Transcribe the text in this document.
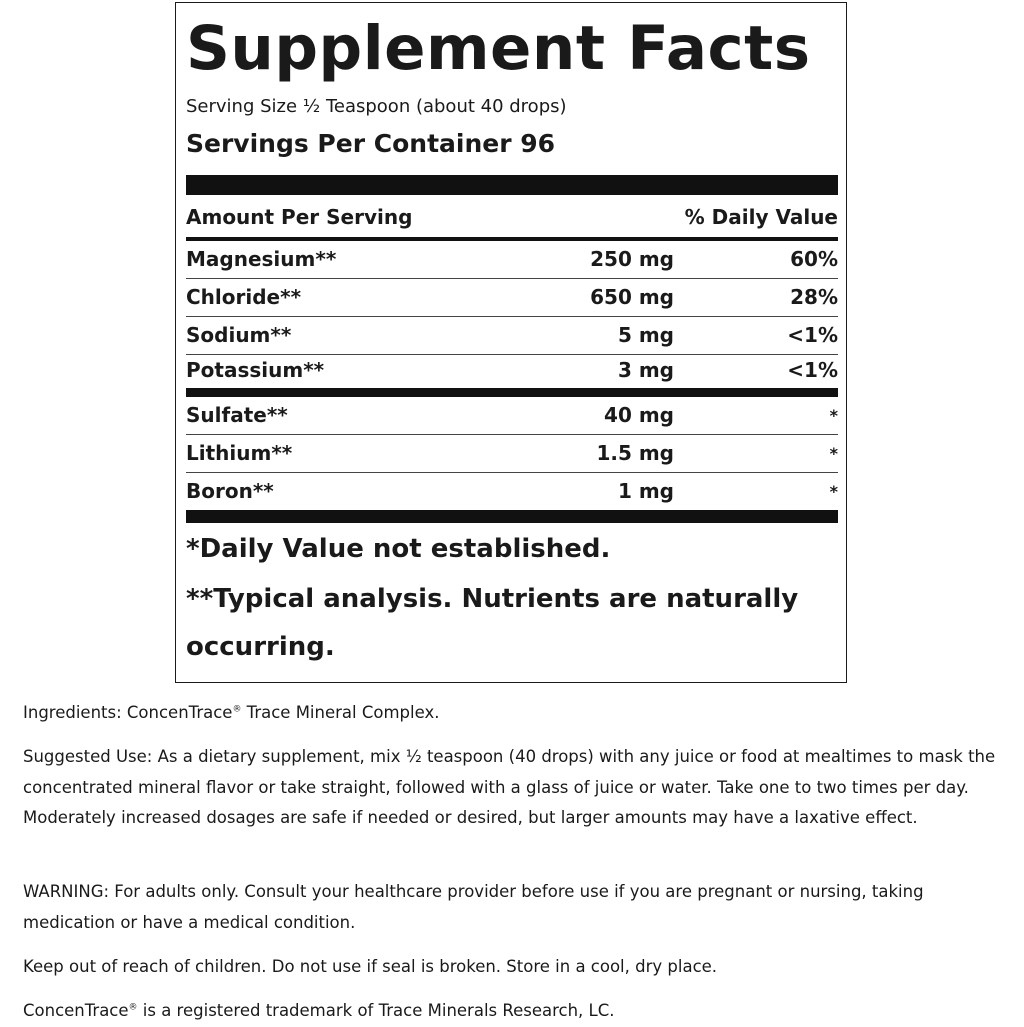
Supplement Facts
Serving Size ½ Teaspoon (about 40 drops)
Servings Per Container 96
Amount Per Serving	% Daily Value
Magnesium**	250 mg	60%
Chloride**	650 mg	28%
Sodium**	5 mg	<1%
Potassium**	3 mg	<1%
Sulfate**	40 mg	*
Lithium**	1.5 mg	*
Boron**	1 mg	*
*Daily Value not established.
**Typical analysis. Nutrients are naturally occurring.
Ingredients: ConcenTrace® Trace Mineral Complex.
Suggested Use: As a dietary supplement, mix ½ teaspoon (40 drops) with any juice or food at mealtimes to mask the concentrated mineral flavor or take straight, followed with a glass of juice or water. Take one to two times per day. Moderately increased dosages are safe if needed or desired, but larger amounts may have a laxative effect.
WARNING: For adults only. Consult your healthcare provider before use if you are pregnant or nursing, taking medication or have a medical condition.
Keep out of reach of children. Do not use if seal is broken. Store in a cool, dry place.
ConcenTrace® is a registered trademark of Trace Minerals Research, LC.
